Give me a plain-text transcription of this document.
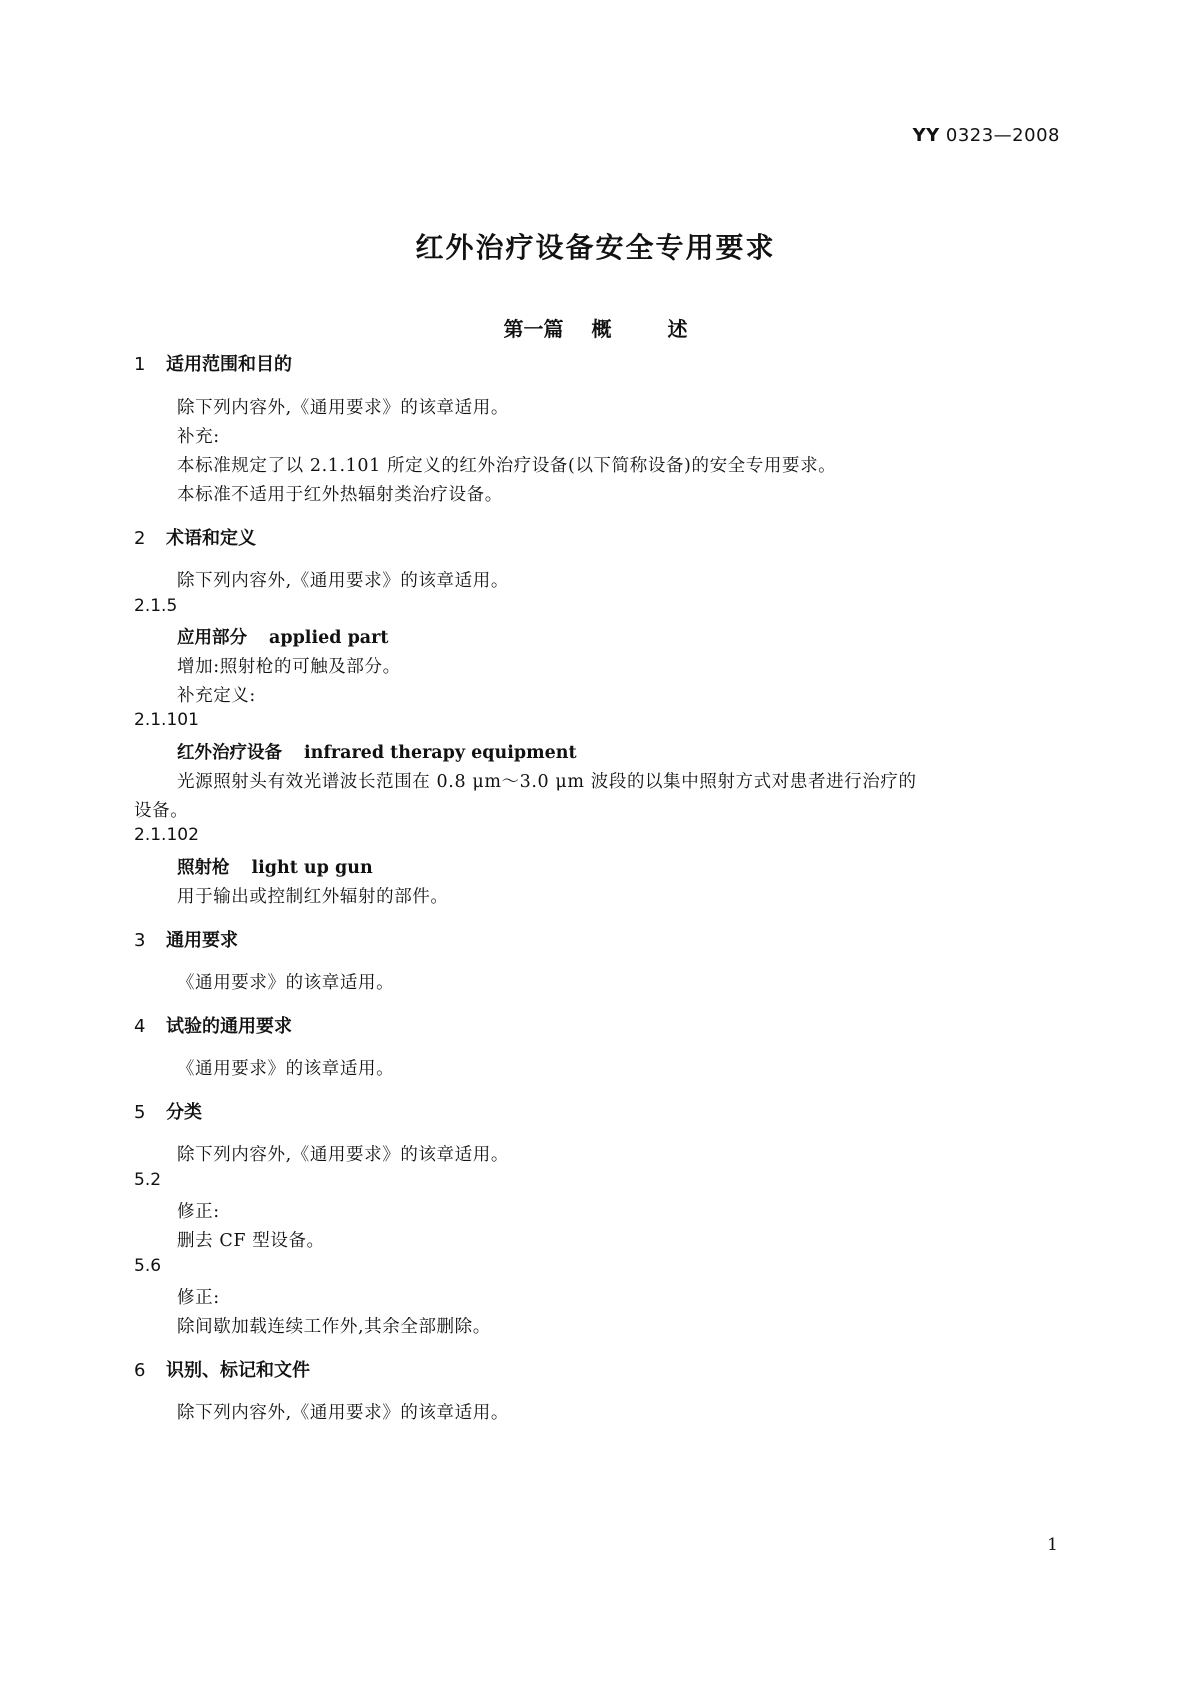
YY 0323—2008
红外治疗设备安全专用要求
第一篇 概	述
1 适用范围和目的
除下列内容外,《通用要求》的该章适用。
补充:
本标准规定了以 2.1.101 所定义的红外治疗设备(以下简称设备)的安全专用要求。
本标准不适用于红外热辐射类治疗设备。
2 术语和定义
除下列内容外,《通用要求》的该章适用。
2.1.5
应用部分 applied part
增加:照射枪的可触及部分。
补充定义:
2.1.101
红外治疗设备 infrared therapy equipment
光源照射头有效光谱波长范围在 0.8 μm～3.0 μm 波段的以集中照射方式对患者进行治疗的
设备。
2.1.102
照射枪 light up gun
用于输出或控制红外辐射的部件。
3 通用要求
《通用要求》的该章适用。
4 试验的通用要求
《通用要求》的该章适用。
5 分类
除下列内容外,《通用要求》的该章适用。
5.2
修正:
删去 CF 型设备。
5.6
修正:
除间歇加载连续工作外,其余全部删除。
6 识别、标记和文件
除下列内容外,《通用要求》的该章适用。
1
